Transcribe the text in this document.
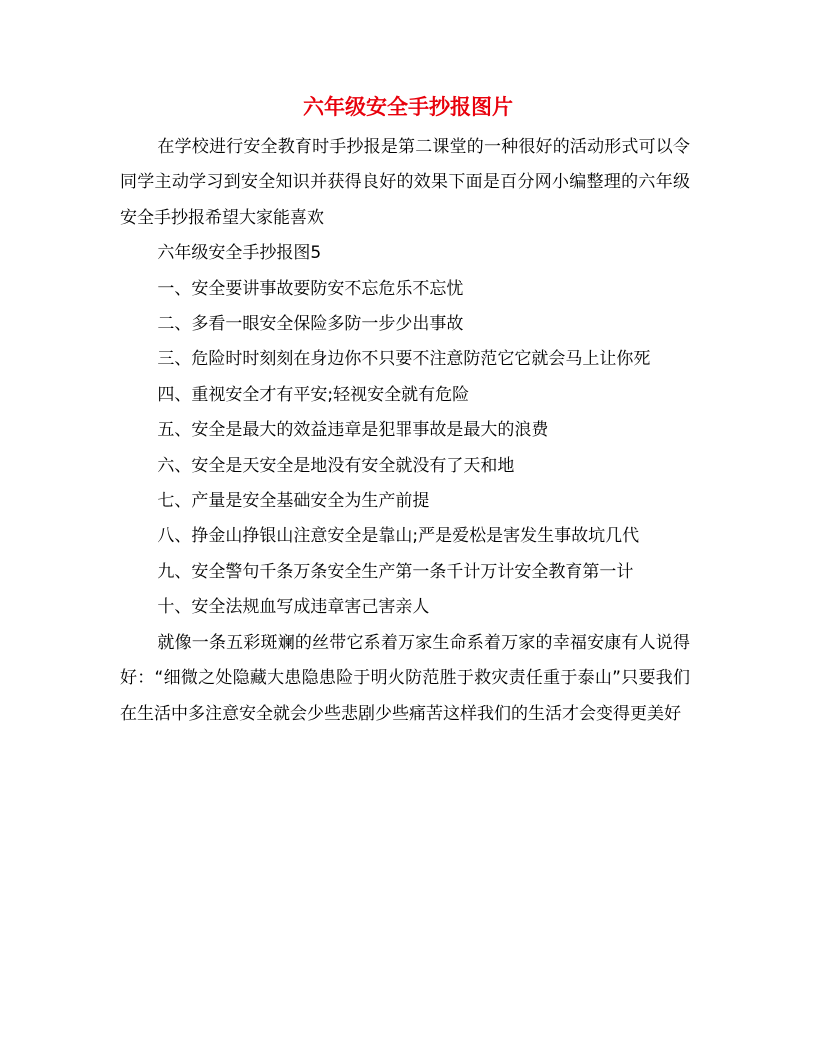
六年级安全手抄报图片

在学校进行安全教育时手抄报是第二课堂的一种很好的活动形式可以令同学主动学习到安全知识并获得良好的效果下面是百分网小编整理的六年级安全手抄报希望大家能喜欢

六年级安全手抄报图5

一、安全要讲事故要防安不忘危乐不忘忧

二、多看一眼安全保险多防一步少出事故

三、危险时时刻刻在身边你不只要不注意防范它它就会马上让你死

四、重视安全才有平安;轻视安全就有危险

五、安全是最大的效益违章是犯罪事故是最大的浪费

六、安全是天安全是地没有安全就没有了天和地

七、产量是安全基础安全为生产前提

八、挣金山挣银山注意安全是靠山;严是爱松是害发生事故坑几代

九、安全警句千条万条安全生产第一条千计万计安全教育第一计

十、安全法规血写成违章害己害亲人

就像一条五彩斑斓的丝带它系着万家生命系着万家的幸福安康有人说得好：“细微之处隐藏大患隐患险于明火防范胜于救灾责任重于泰山”只要我们在生活中多注意安全就会少些悲剧少些痛苦这样我们的生活才会变得更美好
